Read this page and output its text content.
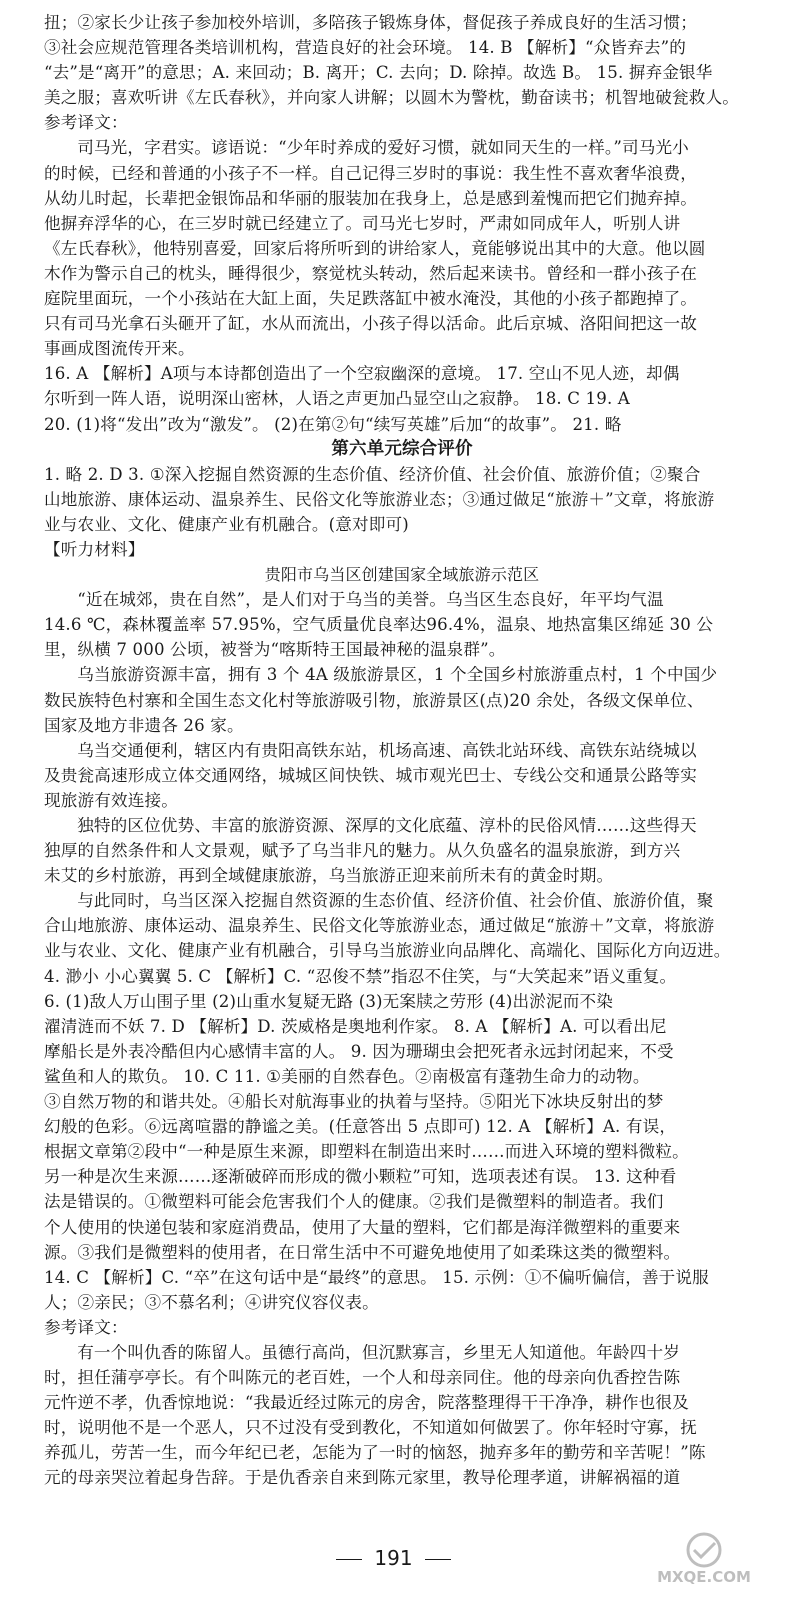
扭；②家长少让孩子参加校外培训，多陪孩子锻炼身体，督促孩子养成良好的生活习惯；
③社会应规范管理各类培训机构，营造良好的社会环境。 14. B 【解析】“众皆弃去”的
“去”是“离开”的意思；A. 来回动；B. 离开；C. 去向；D. 除掉。故选 B。 15. 摒弃金银华
美之服；喜欢听讲《左氏春秋》，并向家人讲解；以圆木为警枕，勤奋读书；机智地破瓮救人。
参考译文：
司马光，字君实。谚语说：“少年时养成的爱好习惯，就如同天生的一样。”司马光小
的时候，已经和普通的小孩子不一样。自己记得三岁时的事说：我生性不喜欢奢华浪费，
从幼儿时起，长辈把金银饰品和华丽的服装加在我身上，总是感到羞愧而把它们抛弃掉。
他摒弃浮华的心，在三岁时就已经建立了。司马光七岁时，严肃如同成年人，听别人讲
《左氏春秋》，他特别喜爱，回家后将所听到的讲给家人，竟能够说出其中的大意。他以圆
木作为警示自己的枕头，睡得很少，察觉枕头转动，然后起来读书。曾经和一群小孩子在
庭院里面玩，一个小孩站在大缸上面，失足跌落缸中被水淹没，其他的小孩子都跑掉了。
只有司马光拿石头砸开了缸，水从而流出，小孩子得以活命。此后京城、洛阳间把这一故
事画成图流传开来。
16. A 【解析】A项与本诗都创造出了一个空寂幽深的意境。 17. 空山不见人迹，却偶
尔听到一阵人语，说明深山密林，人语之声更加凸显空山之寂静。 18. C 19. A
20. (1)将“发出”改为“激发”。 (2)在第②句“续写英雄”后加“的故事”。 21. 略
第六单元综合评价
1. 略 2. D 3. ①深入挖掘自然资源的生态价值、经济价值、社会价值、旅游价值；②聚合
山地旅游、康体运动、温泉养生、民俗文化等旅游业态；③通过做足“旅游＋”文章，将旅游
业与农业、文化、健康产业有机融合。(意对即可)
【听力材料】
贵阳市乌当区创建国家全域旅游示范区
“近在城郊，贵在自然”，是人们对于乌当的美誉。乌当区生态良好，年平均气温
14.6 ℃，森林覆盖率 57.95%，空气质量优良率达96.4%，温泉、地热富集区绵延 30 公
里，纵横 7 000 公顷，被誉为“喀斯特王国最神秘的温泉群”。
乌当旅游资源丰富，拥有 3 个 4A 级旅游景区，1 个全国乡村旅游重点村，1 个中国少
数民族特色村寨和全国生态文化村等旅游吸引物，旅游景区(点)20 余处，各级文保单位、
国家及地方非遗各 26 家。
乌当交通便利，辖区内有贵阳高铁东站，机场高速、高铁北站环线、高铁东站绕城以
及贵瓮高速形成立体交通网络，城城区间快铁、城市观光巴士、专线公交和通景公路等实
现旅游有效连接。
独特的区位优势、丰富的旅游资源、深厚的文化底蕴、淳朴的民俗风情……这些得天
独厚的自然条件和人文景观，赋予了乌当非凡的魅力。从久负盛名的温泉旅游，到方兴
未艾的乡村旅游，再到全域健康旅游，乌当旅游正迎来前所未有的黄金时期。
与此同时，乌当区深入挖掘自然资源的生态价值、经济价值、社会价值、旅游价值，聚
合山地旅游、康体运动、温泉养生、民俗文化等旅游业态，通过做足“旅游＋”文章，将旅游
业与农业、文化、健康产业有机融合，引导乌当旅游业向品牌化、高端化、国际化方向迈进。
4. 渺小 小心翼翼 5. C 【解析】C. “忍俊不禁”指忍不住笑，与“大笑起来”语义重复。
6. (1)敌人万山围子里 (2)山重水复疑无路 (3)无案牍之劳形 (4)出淤泥而不染
濯清涟而不妖 7. D 【解析】D. 茨威格是奥地利作家。 8. A 【解析】A. 可以看出尼
摩船长是外表冷酷但内心感情丰富的人。 9. 因为珊瑚虫会把死者永远封闭起来，不受
鲨鱼和人的欺负。 10. C 11. ①美丽的自然春色。②南极富有蓬勃生命力的动物。
③自然万物的和谐共处。④船长对航海事业的执着与坚持。⑤阳光下冰块反射出的梦
幻般的色彩。⑥远离喧嚣的静谧之美。(任意答出 5 点即可) 12. A 【解析】A. 有误，
根据文章第②段中“一种是原生来源，即塑料在制造出来时……而进入环境的塑料微粒。
另一种是次生来源……逐渐破碎而形成的微小颗粒”可知，选项表述有误。 13. 这种看
法是错误的。①微塑料可能会危害我们个人的健康。②我们是微塑料的制造者。我们
个人使用的快递包装和家庭消费品，使用了大量的塑料，它们都是海洋微塑料的重要来
源。③我们是微塑料的使用者，在日常生活中不可避免地使用了如柔珠这类的微塑料。
14. C 【解析】C. “卒”在这句话中是“最终”的意思。 15. 示例：①不偏听偏信，善于说服
人；②亲民；③不慕名利；④讲究仪容仪表。
参考译文：
有一个叫仇香的陈留人。虽德行高尚，但沉默寡言，乡里无人知道他。年龄四十岁
时，担任蒲亭亭长。有个叫陈元的老百姓，一个人和母亲同住。他的母亲向仇香控告陈
元忤逆不孝，仇香惊地说：“我最近经过陈元的房舍，院落整理得干干净净，耕作也很及
时，说明他不是一个恶人，只不过没有受到教化，不知道如何做罢了。你年轻时守寡，抚
养孤儿，劳苦一生，而今年纪已老，怎能为了一时的恼怒，抛弃多年的勤劳和辛苦呢！”陈
元的母亲哭泣着起身告辞。于是仇香亲自来到陈元家里，教导伦理孝道，讲解祸福的道
191
MXQE.COM
